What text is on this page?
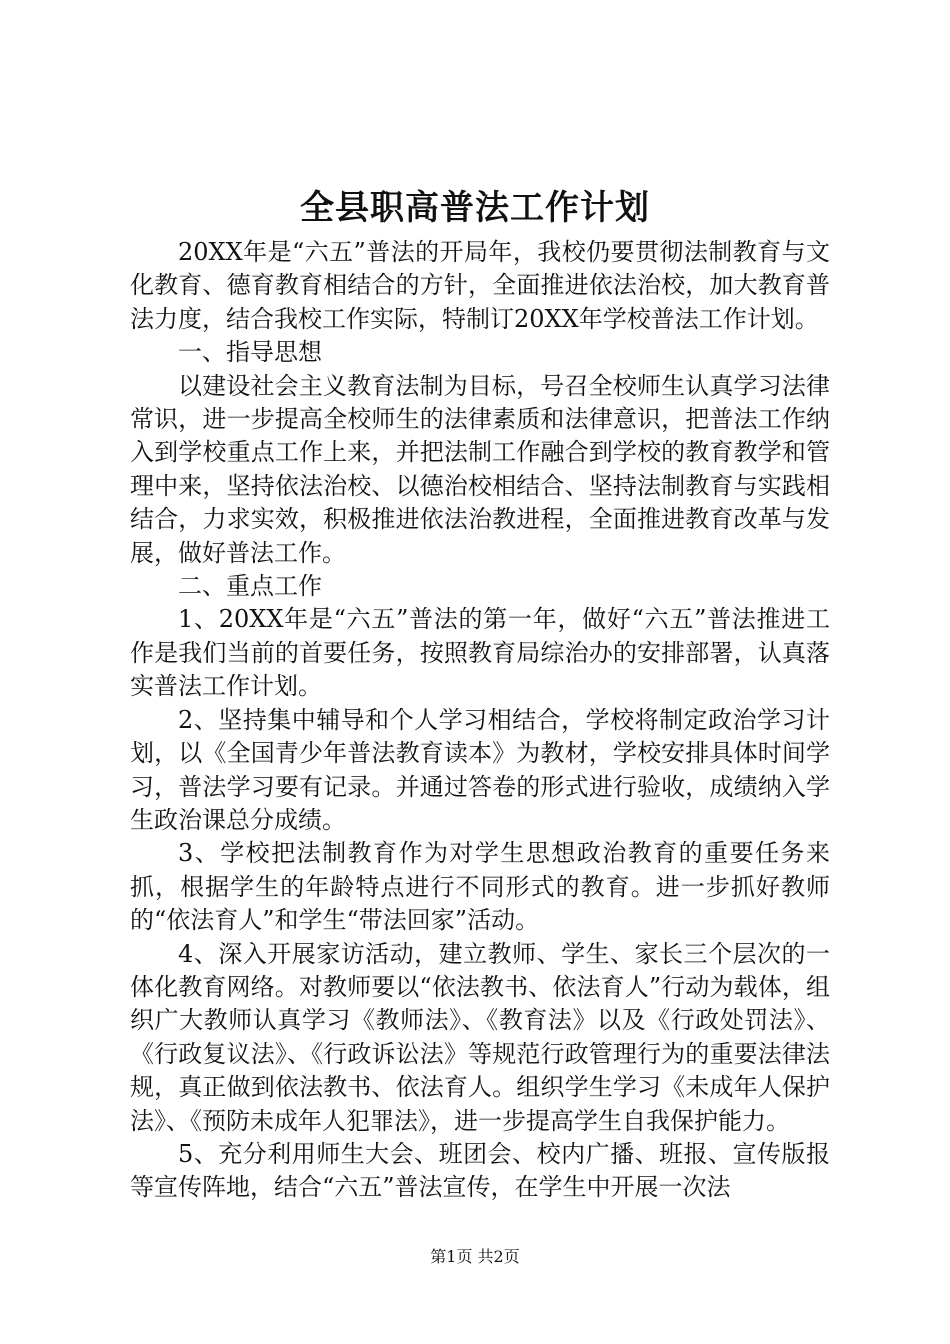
全县职高普法工作计划

20XX年是“六五”普法的开局年，我校仍要贯彻法制教育与文化教育、德育教育相结合的方针，全面推进依法治校，加大教育普法力度，结合我校工作实际，特制订20XX年学校普法工作计划。

一、指导思想

以建设社会主义教育法制为目标，号召全校师生认真学习法律常识，进一步提高全校师生的法律素质和法律意识，把普法工作纳入到学校重点工作上来，并把法制工作融合到学校的教育教学和管理中来，坚持依法治校、以德治校相结合、坚持法制教育与实践相结合，力求实效，积极推进依法治教进程，全面推进教育改革与发展，做好普法工作。

二、重点工作

1、20XX年是“六五”普法的第一年，做好“六五”普法推进工作是我们当前的首要任务，按照教育局综治办的安排部署，认真落实普法工作计划。

2、坚持集中辅导和个人学习相结合，学校将制定政治学习计划，以《全国青少年普法教育读本》为教材，学校安排具体时间学习，普法学习要有记录。并通过答卷的形式进行验收，成绩纳入学生政治课总分成绩。

3、学校把法制教育作为对学生思想政治教育的重要任务来抓，根据学生的年龄特点进行不同形式的教育。进一步抓好教师的“依法育人”和学生“带法回家”活动。

4、深入开展家访活动，建立教师、学生、家长三个层次的一体化教育网络。对教师要以“依法教书、依法育人”行动为载体，组织广大教师认真学习《教师法》、《教育法》以及《行政处罚法》、《行政复议法》、《行政诉讼法》等规范行政管理行为的重要法律法规，真正做到依法教书、依法育人。组织学生学习《未成年人保护法》、《预防未成年人犯罪法》，进一步提高学生自我保护能力。

5、充分利用师生大会、班团会、校内广播、班报、宣传版报等宣传阵地，结合“六五”普法宣传，在学生中开展一次法

第1页 共2页
